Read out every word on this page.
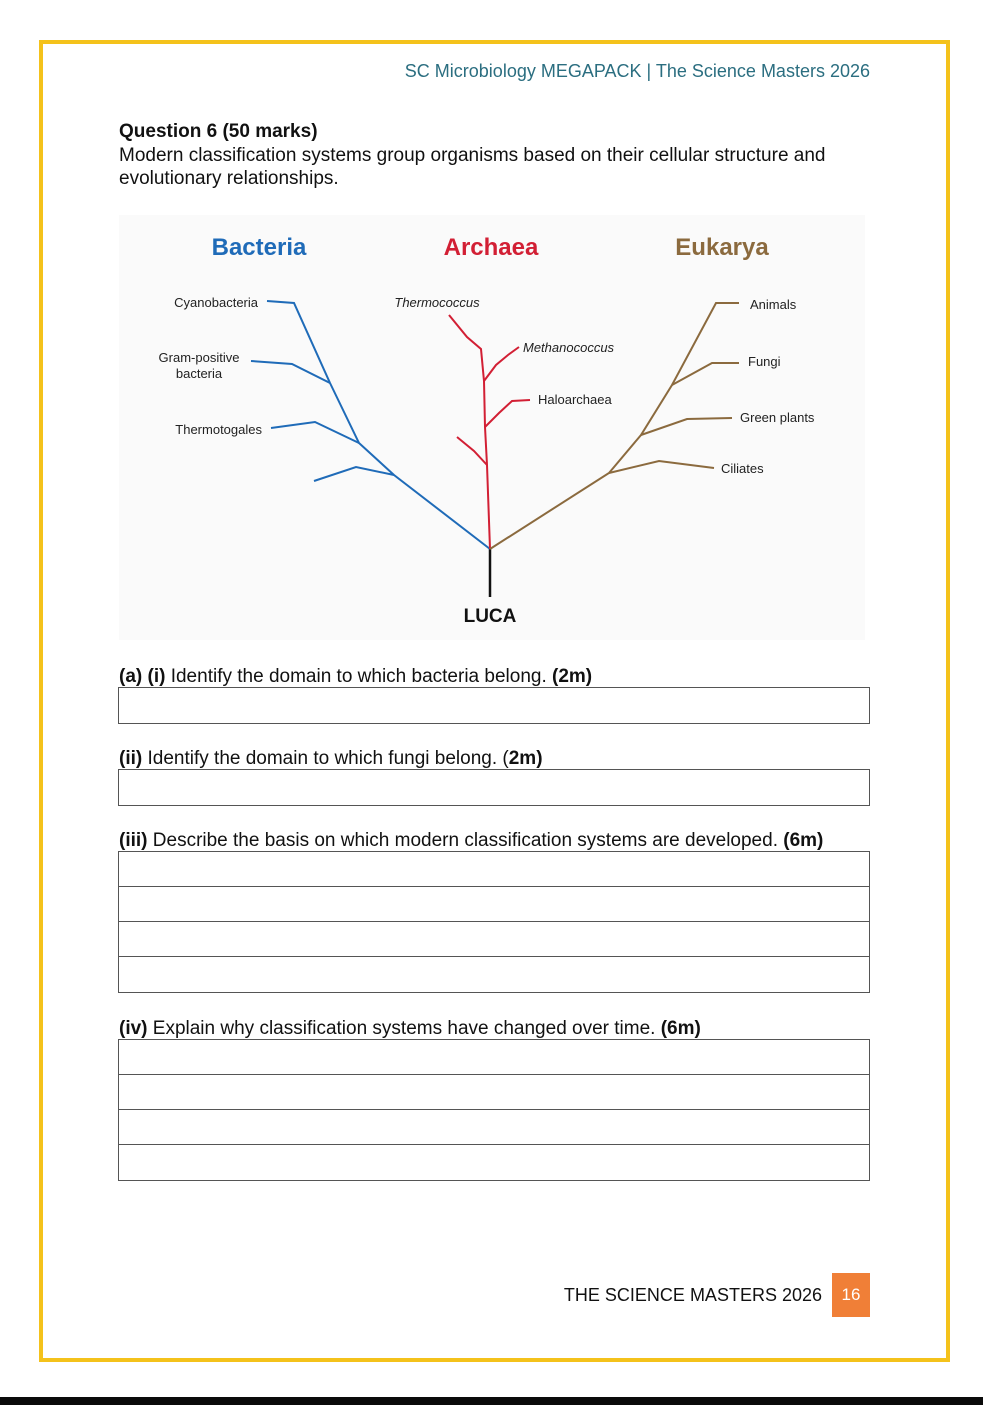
SC Microbiology MEGAPACK | The Science Masters 2026
Question 6 (50 marks)
Modern classification systems group organisms based on their cellular structure and evolutionary relationships.
Bacteria	Archaea	Eukarya
LUCA
Cyanobacteria
Gram-positive
bacteria
Thermotogales
Thermococcus
Methanococcus
Haloarchaea
Animals
Fungi
Green plants
Ciliates
(a) (i) Identify the domain to which bacteria belong. (2m)
(ii) Identify the domain to which fungi belong. (2m)
(iii) Describe the basis on which modern classification systems are developed. (6m)
(iv) Explain why classification systems have changed over time. (6m)
THE SCIENCE MASTERS 2026	16
